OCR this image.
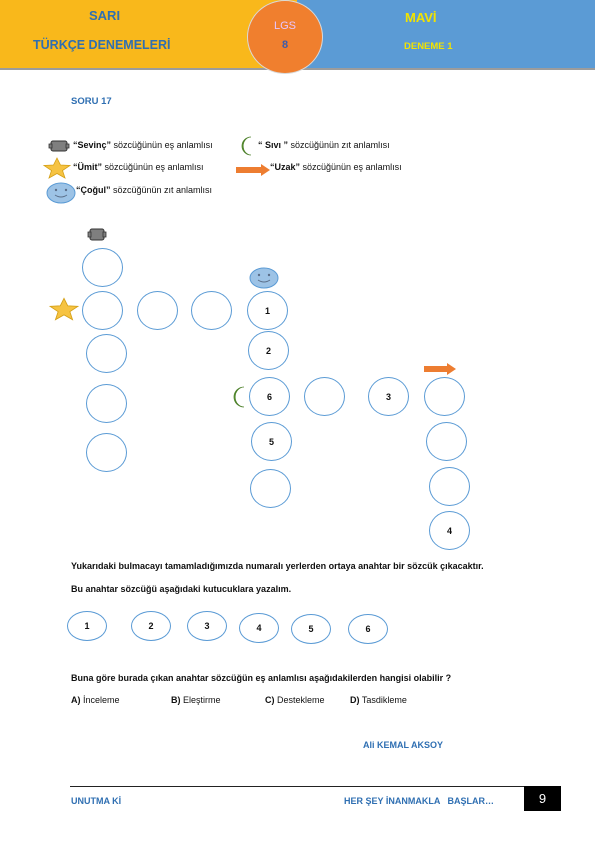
SARI
TÜRKÇE DENEMELERİ
LGS
8
MAVİ
DENEME 1
SORU 17
“Sevinç” sözcüğünün eş anlamlısı	“ Sıvı ” sözcüğünün zıt anlamlısı
“Ümit” sözcüğünün eş anlamlısı	“Uzak” sözcüğünün eş anlamlısı
“Çoğul” sözcüğünün zıt anlamlısı
1
2
6
5
3
4
Yukarıdaki bulmacayı tamamladığımızda numaralı yerlerden ortaya anahtar bir sözcük çıkacaktır.
Bu anahtar sözcüğü aşağıdaki kutucuklara yazalım.
1	2	3	4	5	6
Buna göre burada çıkan anahtar sözcüğün eş anlamlısı aşağıdakilerden hangisi olabilir ?
A) İnceleme	B) Eleştirme	C) Destekleme	D) Tasdikleme
Ali KEMAL AKSOY
UNUTMA Kİ	HER ŞEY İNANMAKLA   BAŞLAR…	9
